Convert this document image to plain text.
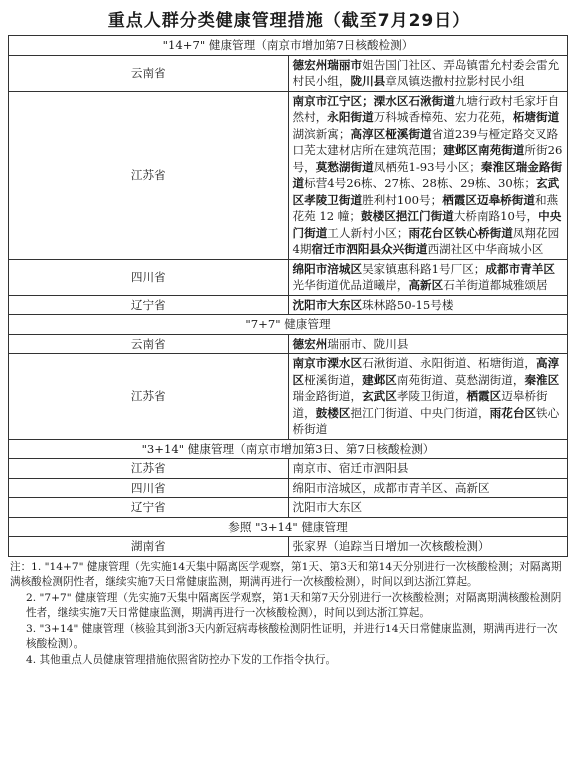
重点人群分类健康管理措施（截至7月29日）
"14+7" 健康管理（南京市增加第7日核酸检测）	
云南省	德宏州瑞丽市姐告国门社区、弄岛镇雷允村委会雷允村民小组，陇川县章凤镇迭撒村拉影村民小组
江苏省	南京市江宁区；溧水区石湫街道九塘行政村毛家圩自然村，永阳街道万科城香樟苑、宏力花苑，柘塘街道湖滨新寓；高淳区桠溪街道省道239与桠定路交叉路口芜太建材店所在建筑范围；建邺区南苑街道所街26号，莫愁湖街道凤栖苑1-93号小区；秦淮区瑞金路街道标营4号26栋、27栋、28栋、29栋、30栋；玄武区孝陵卫街道胜利村100号；栖霞区迈皋桥街道和燕花苑 12 幢；鼓楼区挹江门街道大桥南路10号，中央门街道工人新村小区；雨花台区铁心桥街道凤翔花园4期宿迁市泗阳县众兴街道西湖社区中华商城小区
四川省	绵阳市涪城区吴家镇惠科路1号厂区；成都市青羊区光华街道优品道曦岸，高新区石羊街道都城雅颂居
辽宁省	沈阳市大东区珠林路50-15号楼
"7+7" 健康管理	
云南省	德宏州瑞丽市、陇川县
江苏省	南京市溧水区石湫街道、永阳街道、柘塘街道，高淳区桠溪街道，建邺区南苑街道、莫愁湖街道，秦淮区瑞金路街道，玄武区孝陵卫街道，栖霞区迈皋桥街道，鼓楼区挹江门街道、中央门街道，雨花台区铁心桥街道
"3+14" 健康管理（南京市增加第3日、第7日核酸检测）	
江苏省	南京市、宿迁市泗阳县
四川省	绵阳市涪城区，成都市青羊区、高新区
辽宁省	沈阳市大东区
参照 "3+14" 健康管理	
湖南省	张家界（追踪当日增加一次核酸检测）

注：1. "14+7" 健康管理（先实施14天集中隔离医学观察，第1天、第3天和第14天分别进行一次核酸检测；对隔离期满核酸检测阴性者，继续实施7天日常健康监测，期满再进行一次核酸检测），时间以到达浙江算起。

2. "7+7" 健康管理（先实施7天集中隔离医学观察，第1天和第7天分别进行一次核酸检测；对隔离期满核酸检测阴性者，继续实施7天日常健康监测，期满再进行一次核酸检测），时间以到达浙江算起。

3. "3+14" 健康管理（核验其到浙3天内新冠病毒核酸检测阴性证明，并进行14天日常健康监测，期满再进行一次核酸检测）。

4. 其他重点人员健康管理措施依照省防控办下发的工作指令执行。
